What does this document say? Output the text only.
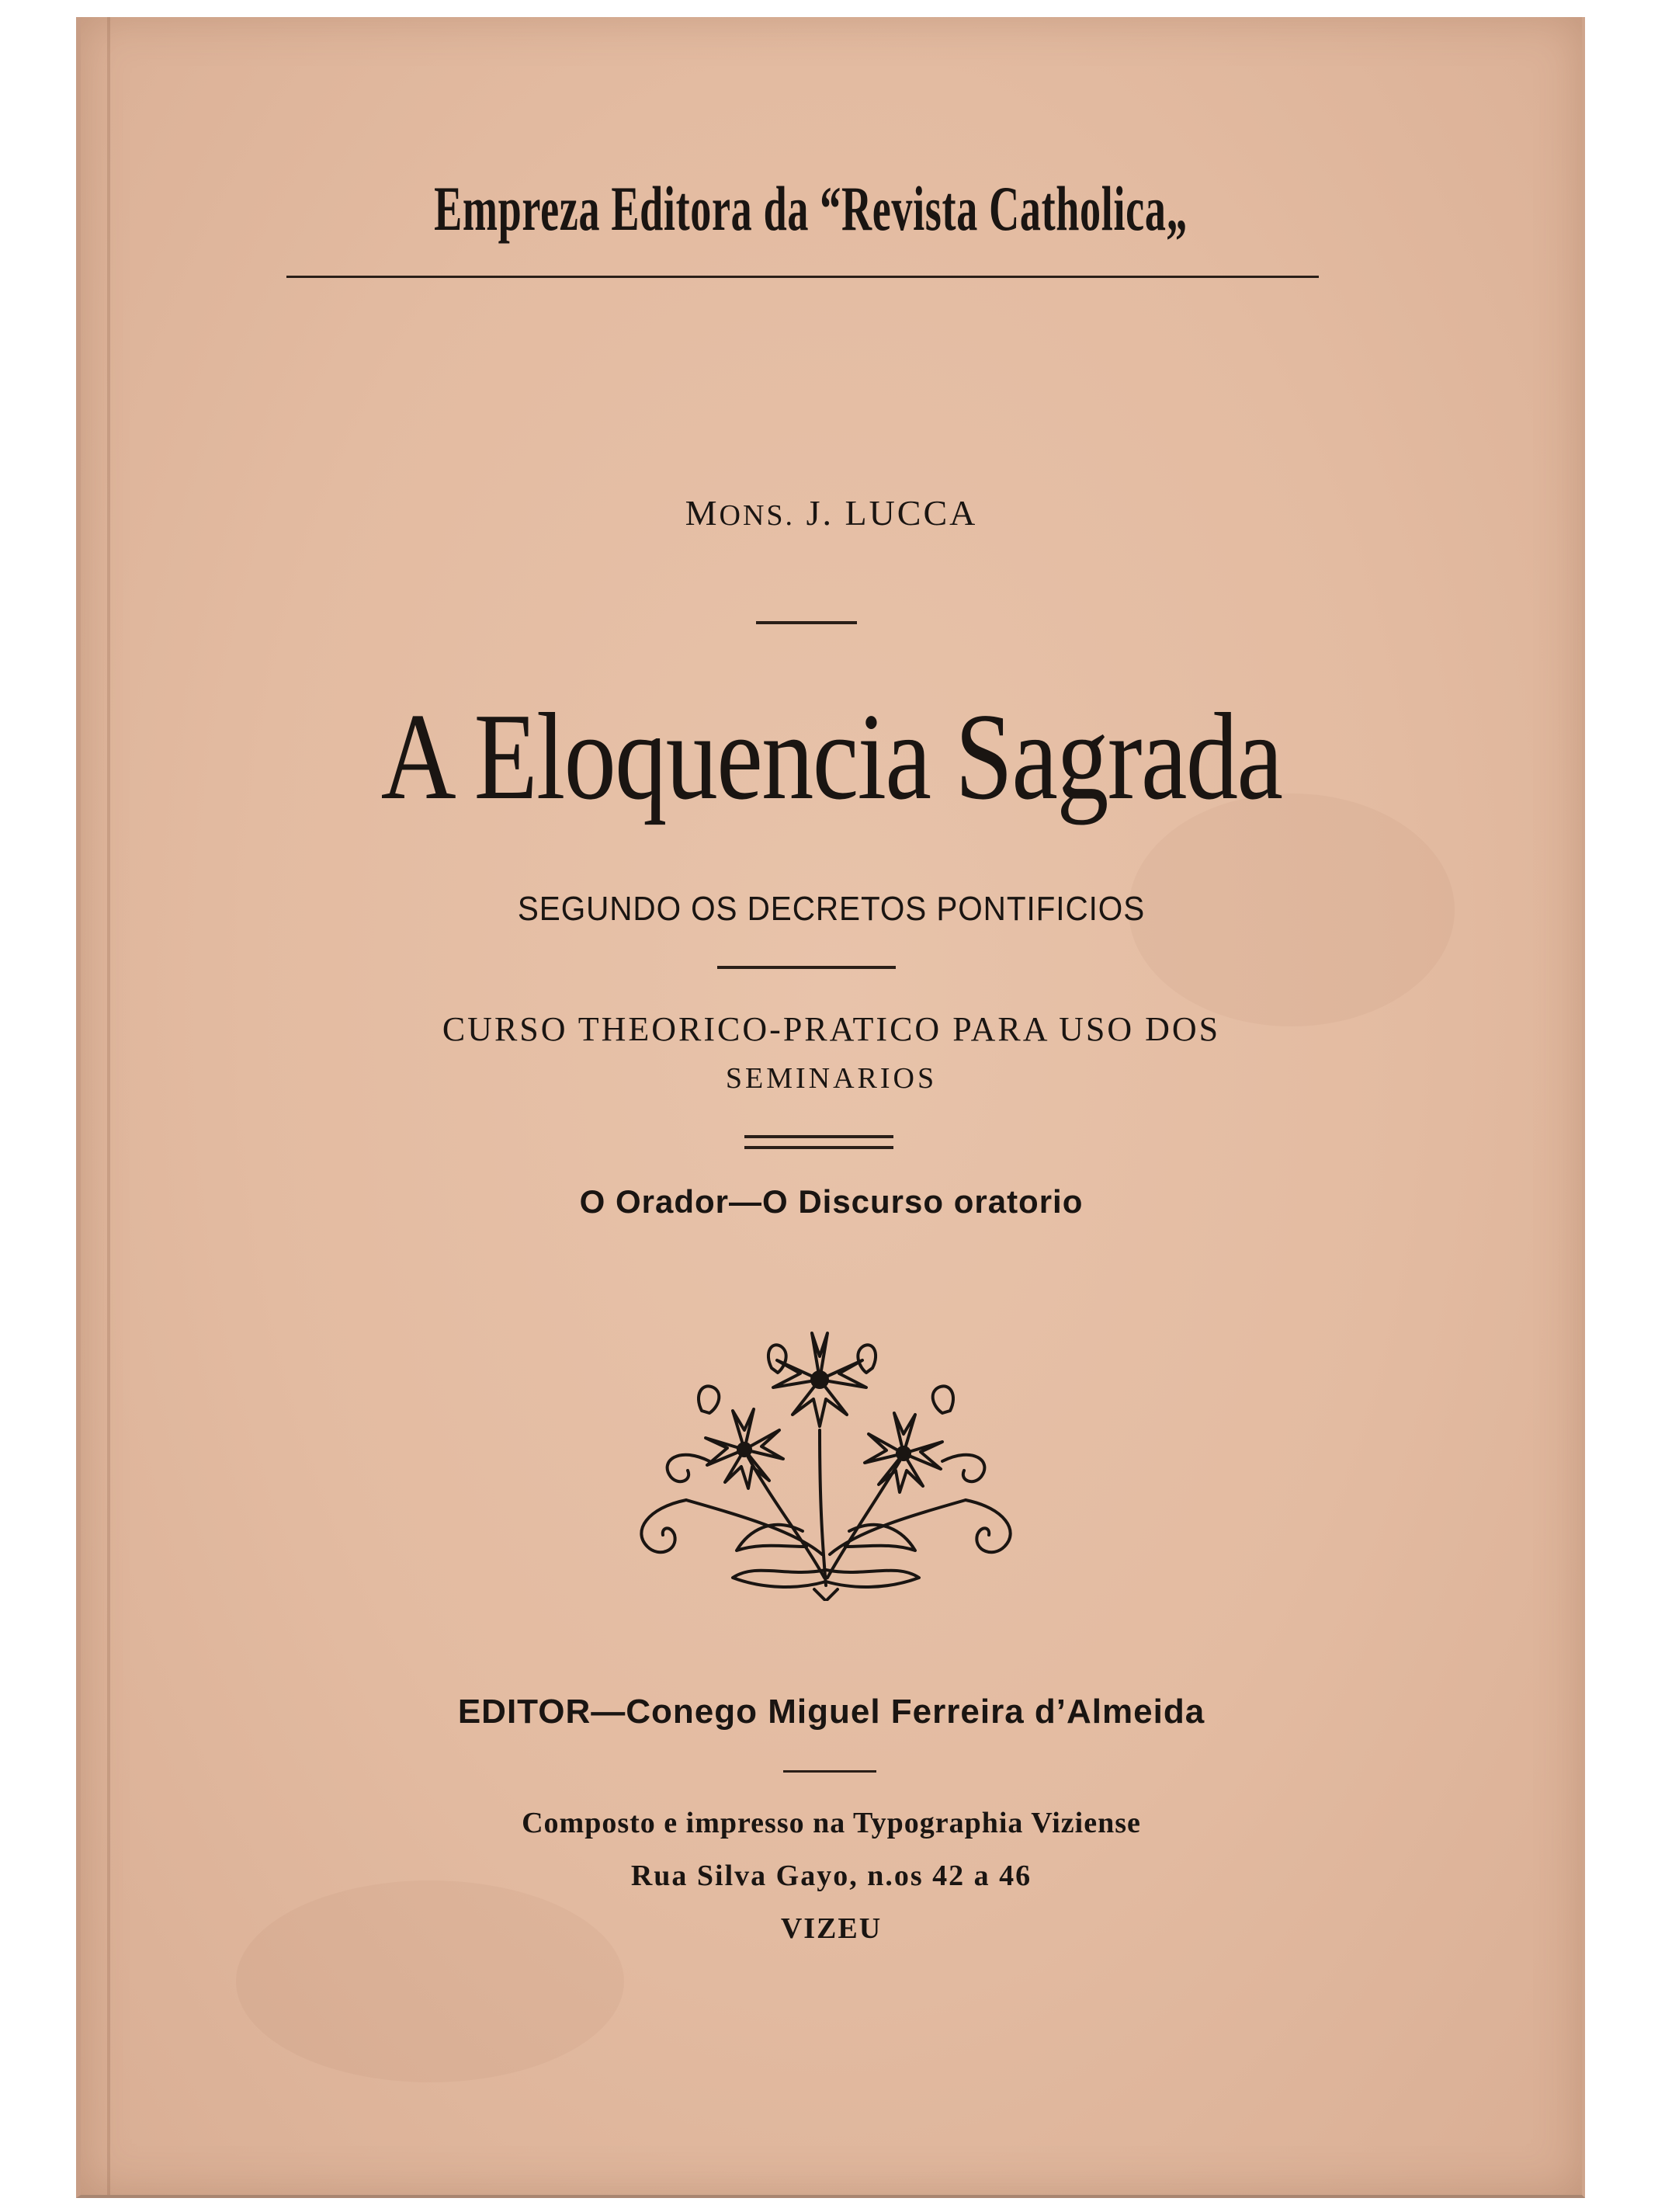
Empreza Editora da “Revista Catholica„
MONS. J. LUCCA
A Eloquencia Sagrada
SEGUNDO OS DECRETOS PONTIFICIOS
CURSO THEORICO-PRATICO PARA USO DOS
SEMINARIOS
O Orador—O Discurso oratorio
EDITOR—Conego Miguel Ferreira d’Almeida
Composto e impresso na Typographia Viziense
Rua Silva Gayo, n.os 42 a 46
VIZEU
